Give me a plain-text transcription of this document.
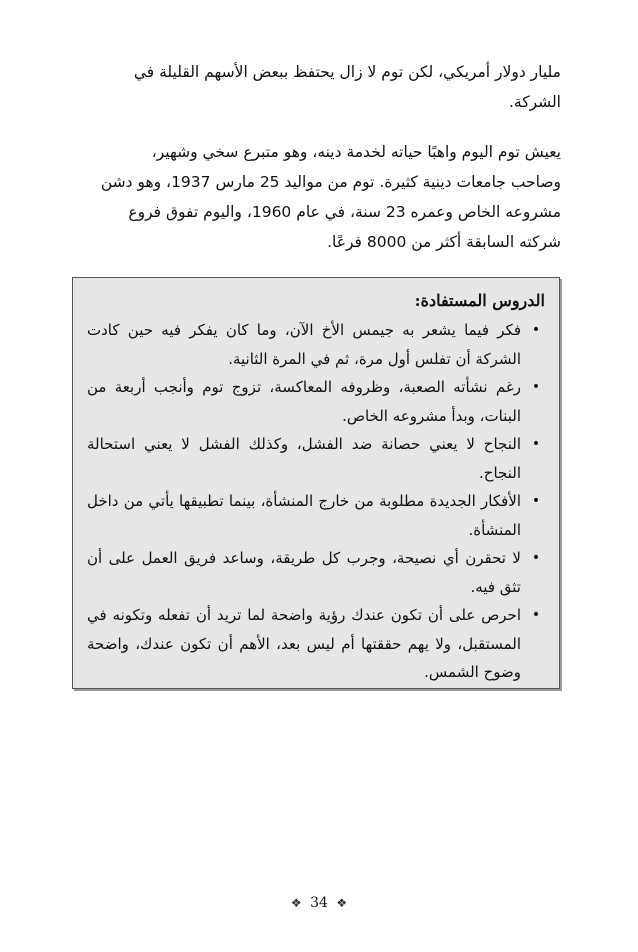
مليار دولار أمريكي، لكن توم لا زال يحتفظ ببعض الأسهم القليلة في

الشركة.

يعيش توم اليوم واهبًا حياته لخدمة دينه، وهو متبرع سخي وشهير،

وصاحب جامعات دينية كثيرة. توم من مواليد 25 مارس 1937، وهو دشن

مشروعه الخاص وعمره 23 سنة، في عام 1960، واليوم تفوق فروع

شركته السابقة أكثر من 8000 فرعًا.

الدروس المستفادة:
•
فكر فيما يشعر به جيمس الأخ الآن، وما كان يفكر فيه حين كادت الشركة أن تفلس أول مرة، ثم في المرة الثانية.
•
رغم نشأته الصعبة، وظروفه المعاكسة، تزوج توم وأنجب أربعة من البنات، وبدأ مشروعه الخاص.
•
النجاح لا يعني حصانة ضد الفشل، وكذلك الفشل لا يعني استحالة النجاح.
•
الأفكار الجديدة مطلوبة من خارج المنشأة، بينما تطبيقها يأتي من داخل المنشأة.
•
لا تحقرن أي نصيحة، وجرب كل طريقة، وساعد فريق العمل على أن تثق فيه.
•
احرص على أن تكون عندك رؤية واضحة لما تريد أن تفعله وتكونه في المستقبل، ولا يهم حققتها أم ليس بعد، الأهم أن تكون عندك، واضحة وضوح الشمس.
❖ 34 ❖
